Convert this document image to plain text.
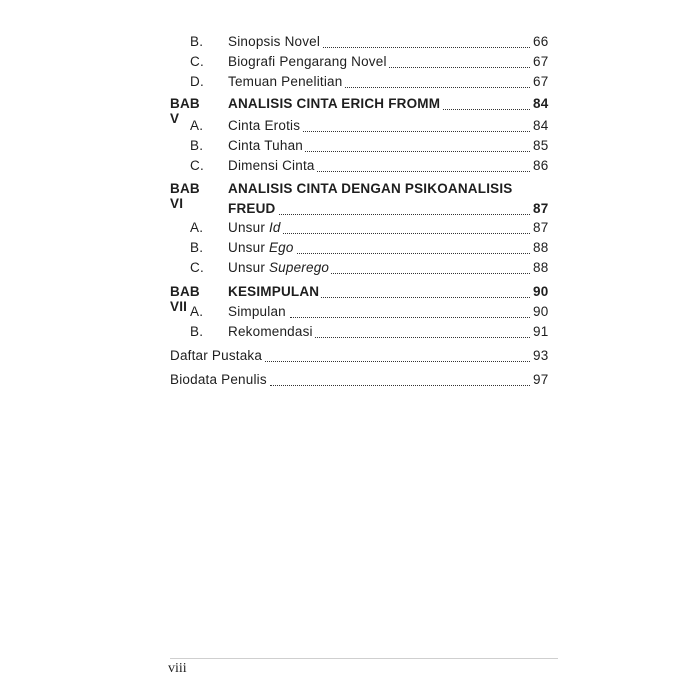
B. Sinopsis Novel	66
C. Biografi Pengarang Novel	67
D. Temuan Penelitian	67
BAB V
ANALISIS CINTA ERICH FROMM	84
A. Cinta Erotis	84
B. Cinta Tuhan	85
C. Dimensi Cinta	86
BAB VI
ANALISIS CINTA DENGAN PSIKOANALISIS
FREUD	87
A. Unsur Id	87
B. Unsur Ego	88
C. Unsur Superego	88
BAB VII
KESIMPULAN	90
A. Simpulan	90
B. Rekomendasi	91
Daftar Pustaka	93
Biodata Penulis	97
viii
